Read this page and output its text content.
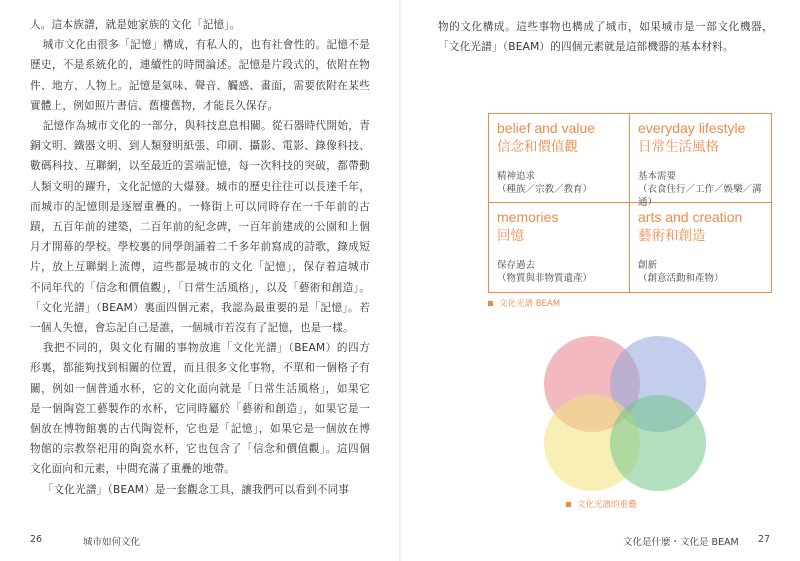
人。這本族譜，就是她家族的文化「記憶」。

城市文化由很多「記憶」構成，有私人的，也有社會性的。記憶不是歷史，不是系統化的，連續性的時間論述。記憶是片段式的，依附在物件、地方、人物上。記憶是氣味、聲音、觸感、畫面，需要依附在某些實體上，例如照片書信、舊樓舊物，才能長久保存。

記憶作為城市文化的一部分，與科技息息相關。從石器時代開始，青銅文明、鐵器文明、到人類發明紙張、印刷、攝影、電影、錄像科技、數碼科技、互聯網，以至最近的雲端記憶，每一次科技的突破，都帶動人類文明的躍升，文化記憶的大爆發。城市的歷史往往可以長達千年，而城市的記憶則是逐層重疊的。一條街上可以同時存在一千年前的古蹟，五百年前的建築，二百年前的紀念碑，一百年前建成的公園和上個月才開幕的學校。學校裏的同學朗誦着二千多年前寫成的詩歌，錄成短片，放上互聯網上流傳，這些都是城市的文化「記憶」，保存着這城市不同年代的「信念和價值觀」，「日常生活風格」，以及「藝術和創造」。「文化光譜」（BEAM）裏面四個元素，我認為最重要的是「記憶」。若一個人失憶，會忘記自己是誰，一個城市若沒有了記憶，也是一樣。

我把不同的，與文化有關的事物放進「文化光譜」（BEAM）的四方形裏，都能夠找到相關的位置，而且很多文化事物，不單和一個格子有關，例如一個普通水杯，它的文化面向就是「日常生活風格」，如果它是一個陶瓷工藝製作的水杯，它同時屬於「藝術和創造」，如果它是一個放在博物館裏的古代陶瓷杯，它也是「記憶」，如果它是一個放在博物館的宗教祭祀用的陶瓷水杯，它也包含了「信念和價值觀」。這四個文化面向和元素，中間充滿了重疊的地帶。

「文化光譜」（BEAM）是一套觀念工具，讓我們可以看到不同事

物的文化構成。這些事物也構成了城市，如果城市是一部文化機器，「文化光譜」（BEAM）的四個元素就是這部機器的基本材料。

belief and value
信念和價值觀
精神追求
（種族／宗教／教育）
everyday lifestyle
日常生活風格
基本需要
（衣食住行／工作／娛樂／溝通）
memories
回憶
保存過去
（物質與非物質遺產）
arts and creation
藝術和創造
創新
（創意活動和產物）
文化光譜 BEAM
文化光譜的重疊
26	城市如何文化	文化是什麼・文化是 BEAM 27
